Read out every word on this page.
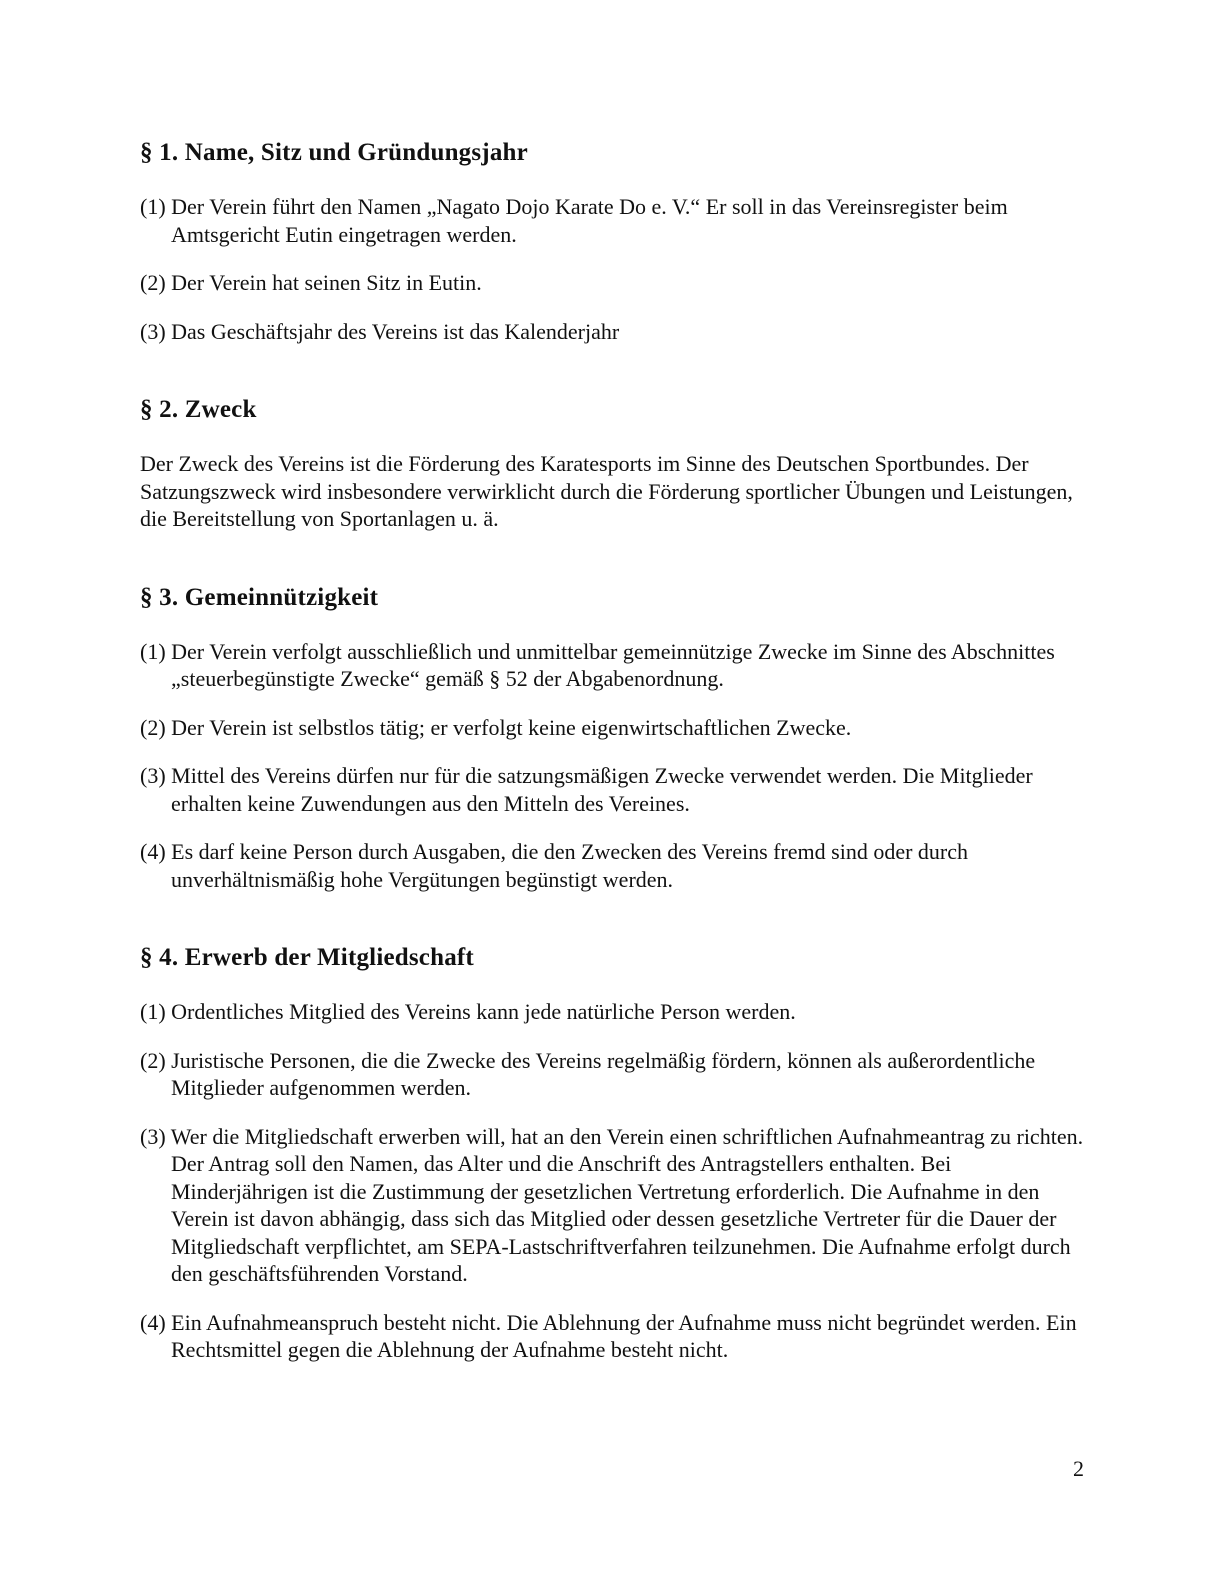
§ 1. Name, Sitz und Gründungsjahr

(1) Der Verein führt den Namen „Nagato Dojo Karate Do e. V.“ Er soll in das Vereinsregister beim Amtsgericht Eutin eingetragen werden.

(2) Der Verein hat seinen Sitz in Eutin.

(3) Das Geschäftsjahr des Vereins ist das Kalenderjahr

§ 2. Zweck

Der Zweck des Vereins ist die Förderung des Karatesports im Sinne des Deutschen Sportbundes. Der Satzungszweck wird insbesondere verwirklicht durch die Förderung sportlicher Übungen und Leistungen, die Bereitstellung von Sportanlagen u. ä.

§ 3. Gemeinnützigkeit

(1) Der Verein verfolgt ausschließlich und unmittelbar gemeinnützige Zwecke im Sinne des Abschnittes „steuerbegünstigte Zwecke“ gemäß § 52 der Abgabenordnung.

(2) Der Verein ist selbstlos tätig; er verfolgt keine eigenwirtschaftlichen Zwecke.

(3) Mittel des Vereins dürfen nur für die satzungsmäßigen Zwecke verwendet werden. Die Mitglieder erhalten keine Zuwendungen aus den Mitteln des Vereines.

(4) Es darf keine Person durch Ausgaben, die den Zwecken des Vereins fremd sind oder durch unverhältnismäßig hohe Vergütungen begünstigt werden.

§ 4. Erwerb der Mitgliedschaft

(1) Ordentliches Mitglied des Vereins kann jede natürliche Person werden.

(2) Juristische Personen, die die Zwecke des Vereins regelmäßig fördern, können als außerordentliche Mitglieder aufgenommen werden.

(3) Wer die Mitgliedschaft erwerben will, hat an den Verein einen schriftlichen Aufnahmeantrag zu richten. Der Antrag soll den Namen, das Alter und die Anschrift des Antragstellers enthalten. Bei Minderjährigen ist die Zustimmung der gesetzlichen Vertretung erforderlich. Die Aufnahme in den Verein ist davon abhängig, dass sich das Mitglied oder dessen gesetzliche Vertreter für die Dauer der Mitgliedschaft verpflichtet, am SEPA-Lastschriftverfahren teilzunehmen. Die Aufnahme erfolgt durch den geschäftsführenden Vorstand.

(4) Ein Aufnahmeanspruch besteht nicht. Die Ablehnung der Aufnahme muss nicht begründet werden. Ein Rechtsmittel gegen die Ablehnung der Aufnahme besteht nicht.

2
